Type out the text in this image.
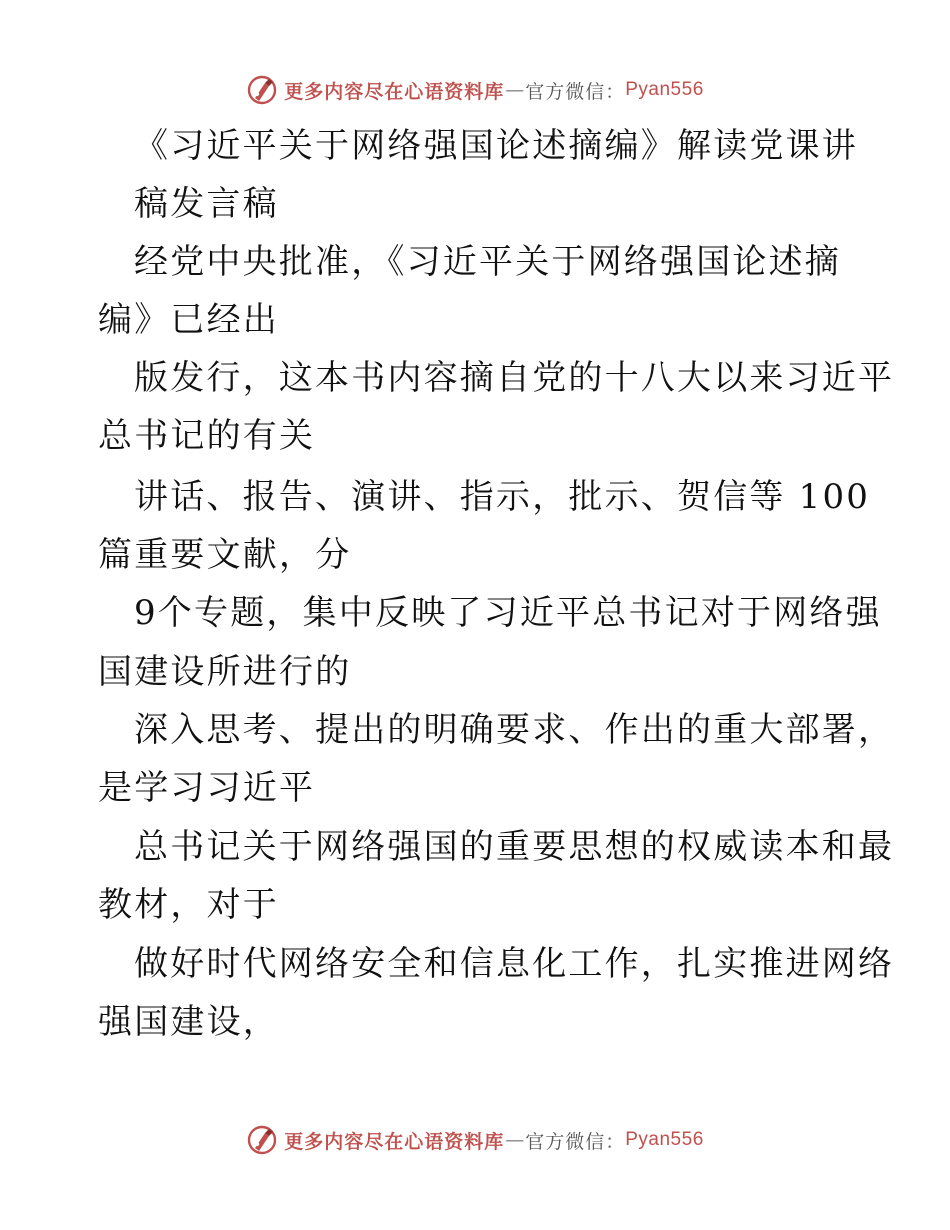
更多内容尽在心语资料库 — 官方微信： Pyan556
《习近平关于网络强国论述摘编》解读党课讲
稿发言稿
经党中央批准，《习近平关于网络强国论述摘
编》已经出
版发行，这本书内容摘自党的十八大以来习近平
总书记的有关
讲话、报告、演讲、指示，批示、贺信等 100
篇重要文献，分
9个专题，集中反映了习近平总书记对于网络强
国建设所进行的
深入思考、提出的明确要求、作出的重大部署，
是学习习近平
总书记关于网络强国的重要思想的权威读本和最
教材，对于
做好时代网络安全和信息化工作，扎实推进网络
强国建设，
更多内容尽在心语资料库 — 官方微信： Pyan556
